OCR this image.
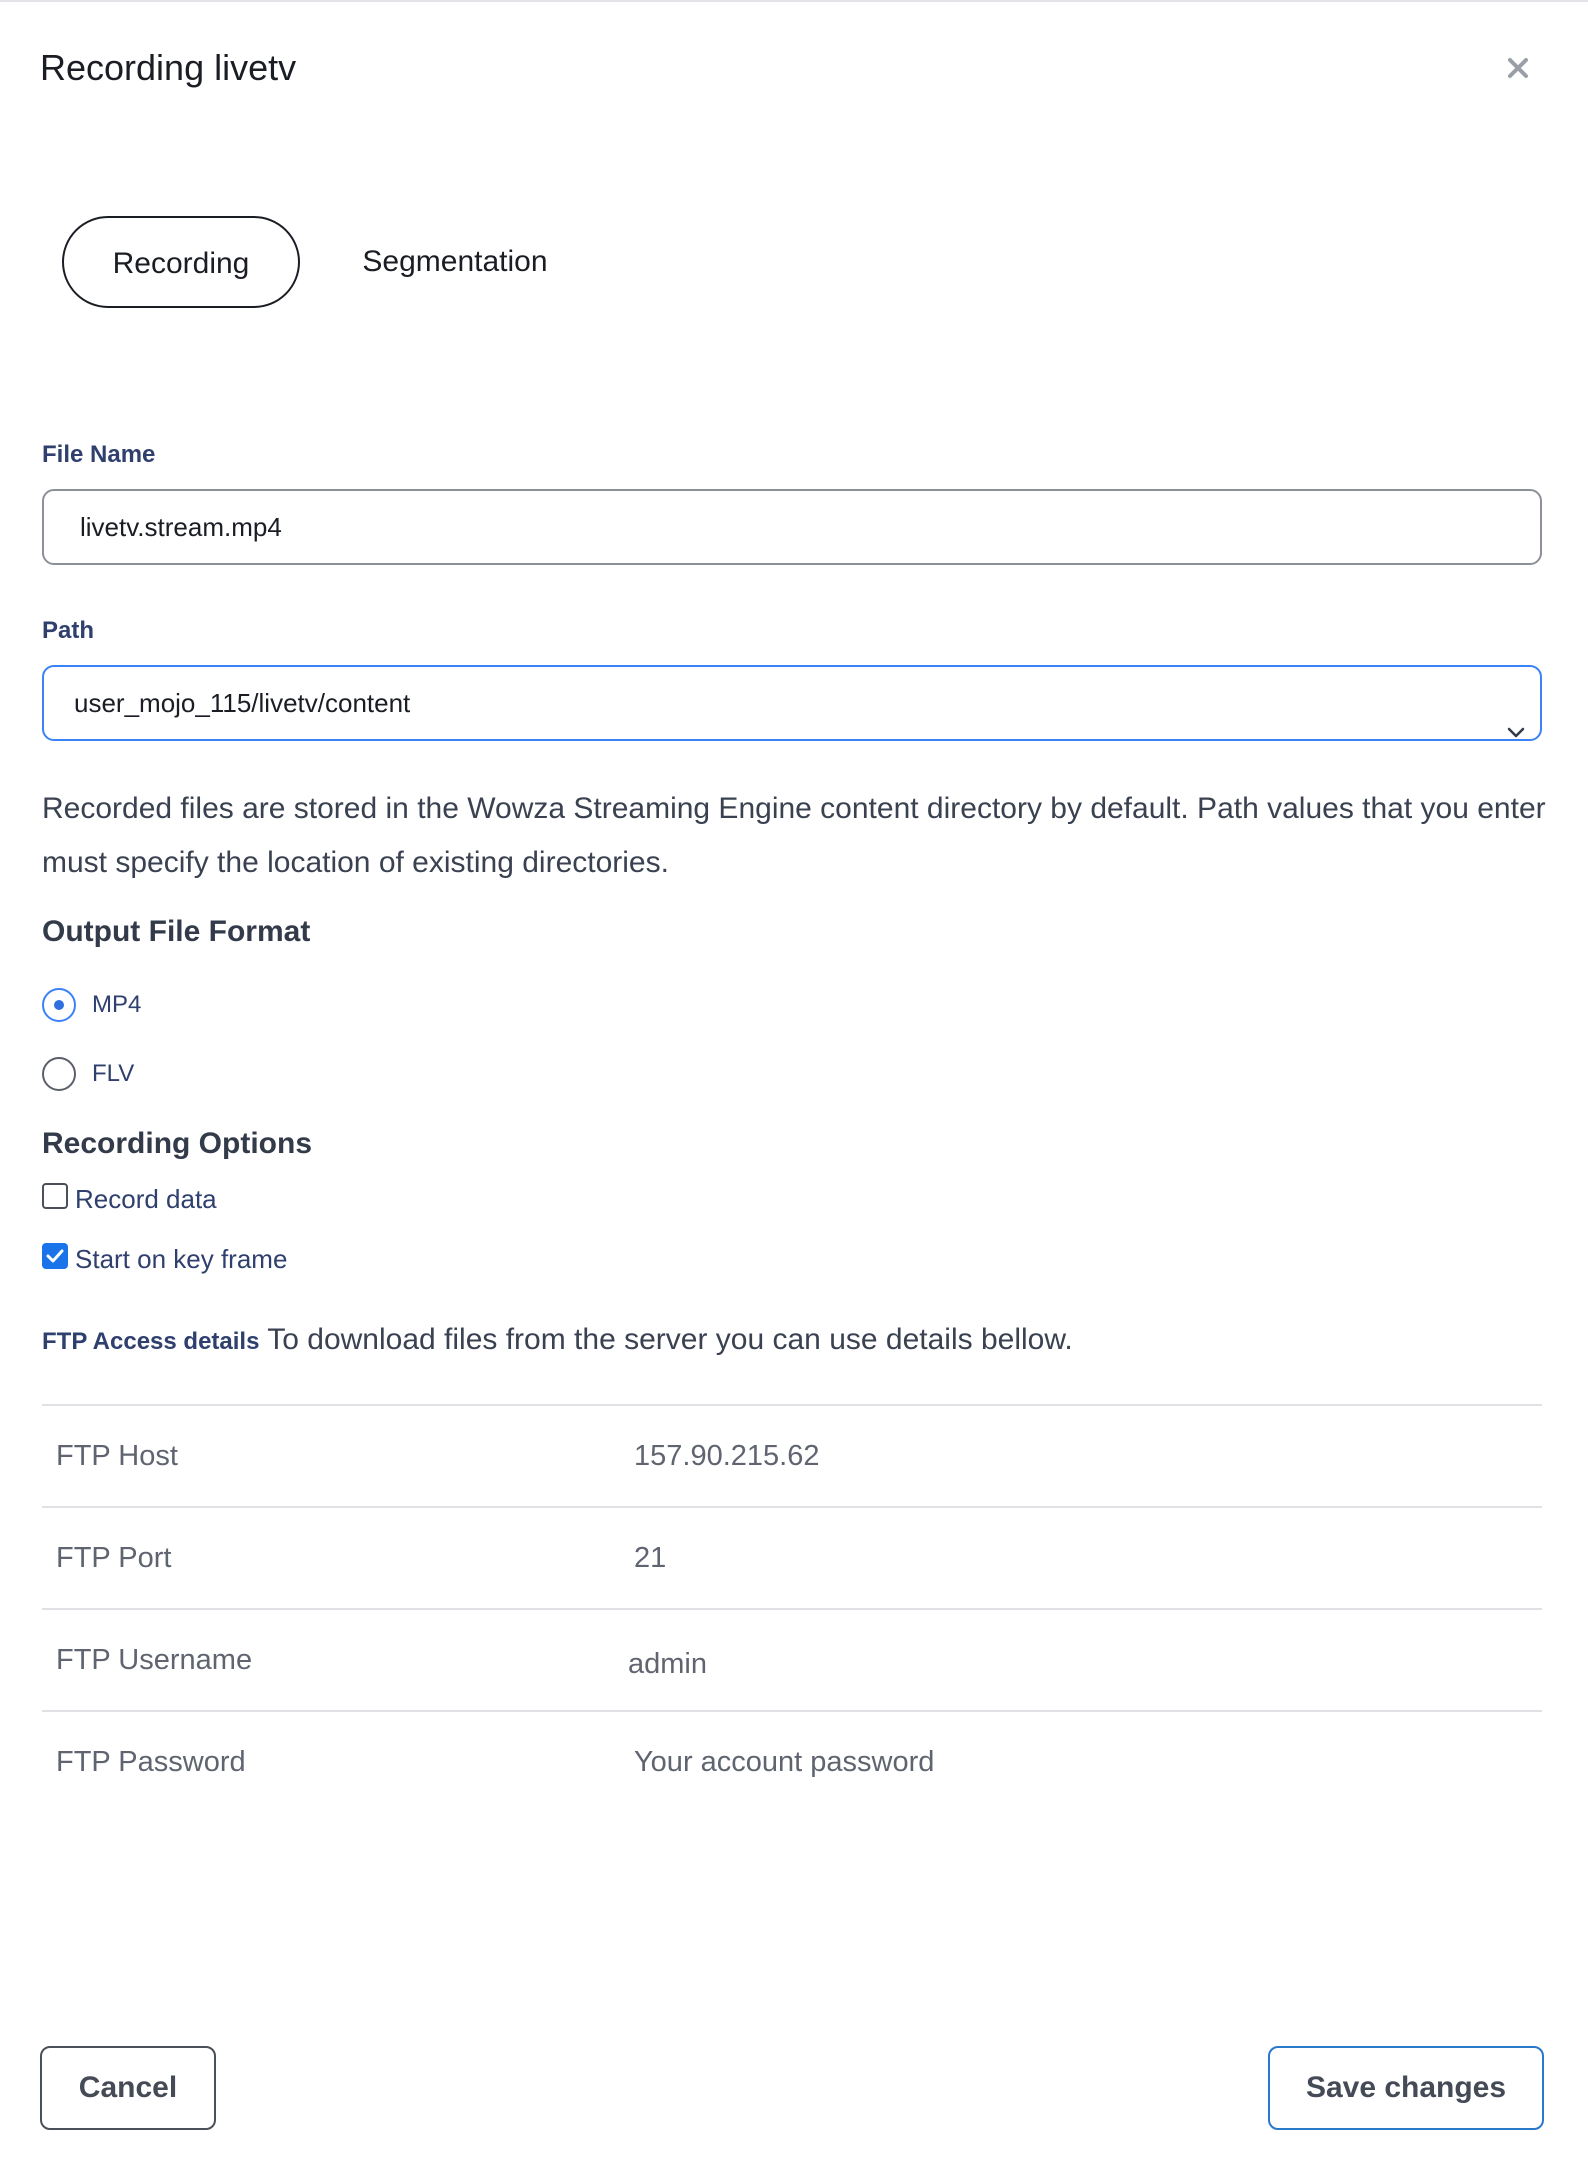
Recording livetv
Recording	Segmentation
File Name
livetv.stream.mp4
Path
user_mojo_115/livetv/content
Recorded files are stored in the Wowza Streaming Engine content directory by default. Path values that you enter must specify the location of existing directories.
Output File Format
MP4
FLV
Recording Options
Record data
Start on key frame
FTP Access details To download files from the server you can use details bellow.
FTP Host	157.90.215.62
FTP Port	21
FTP Username	admin
FTP Password	Your account password
Cancel	Save changes
